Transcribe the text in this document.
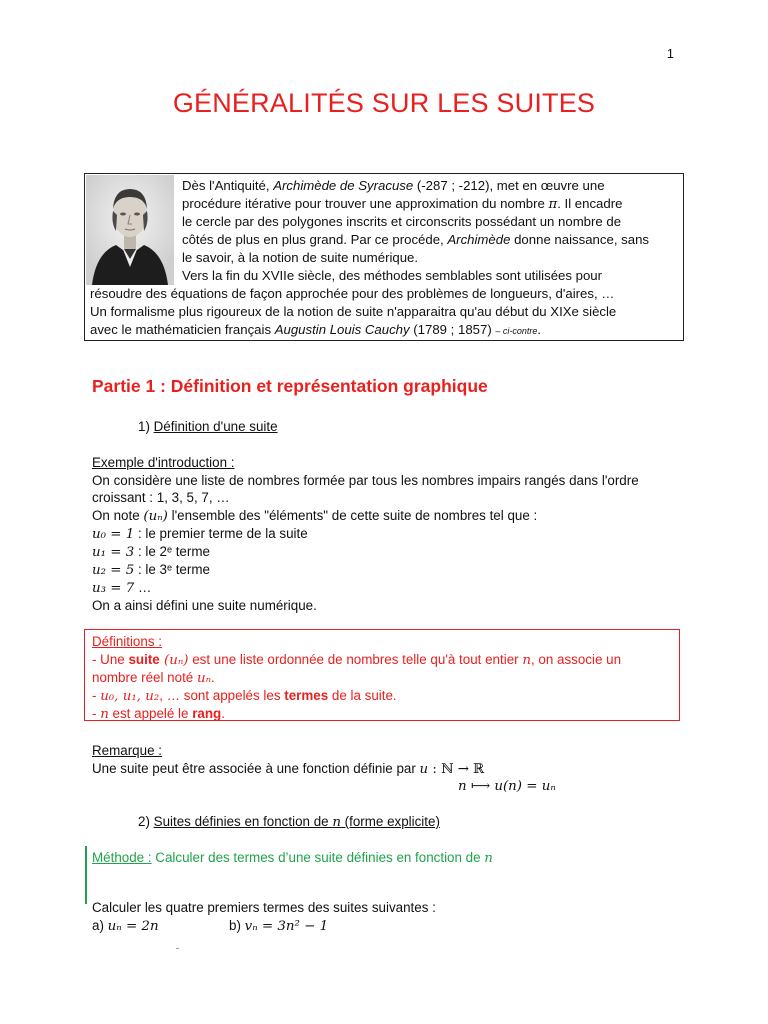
1
GÉNÉRALITÉS SUR LES SUITES
Dès l'Antiquité, Archimède de Syracuse (-287 ; -212), met en œuvre une
procédure itérative pour trouver une approximation du nombre π. Il encadre
le cercle par des polygones inscrits et circonscrits possédant un nombre de
côtés de plus en plus grand. Par ce procéde, Archimède donne naissance, sans
le savoir, à la notion de suite numérique.
Vers la fin du XVIIe siècle, des méthodes semblables sont utilisées pour
résoudre des équations de façon approchée pour des problèmes de longueurs, d'aires, …
Un formalisme plus rigoureux de la notion de suite n'apparaitra qu'au début du XIXe siècle
avec le mathématicien français Augustin Louis Cauchy (1789 ; 1857) – ci-contre.
Partie 1 : Définition et représentation graphique
1) Définition d'une suite
Exemple d'introduction :
On considère une liste de nombres formée par tous les nombres impairs rangés dans l'ordre
croissant : 1, 3, 5, 7, …
On note (uₙ) l'ensemble des "éléments" de cette suite de nombres tel que :
u₀ = 1 : le premier terme de la suite
u₁ = 3 : le 2ᵉ terme
u₂ = 5 : le 3ᵉ terme
u₃ = 7 …
On a ainsi défini une suite numérique.
Définitions :
- Une suite (uₙ) est une liste ordonnée de nombres telle qu'à tout entier n, on associe un
nombre réel noté uₙ.
- u₀, u₁, u₂, … sont appelés les termes de la suite.
- n est appelé le rang.
Remarque :
Une suite peut être associée à une fonction définie par u : ℕ → ℝ
n ⟼ u(n) = uₙ
2) Suites définies en fonction de n (forme explicite)
Méthode : Calculer des termes d’une suite définies en fonction de n
Calculer les quatre premiers termes des suites suivantes :
a) uₙ = 2n	b) vₙ = 3n² − 1
